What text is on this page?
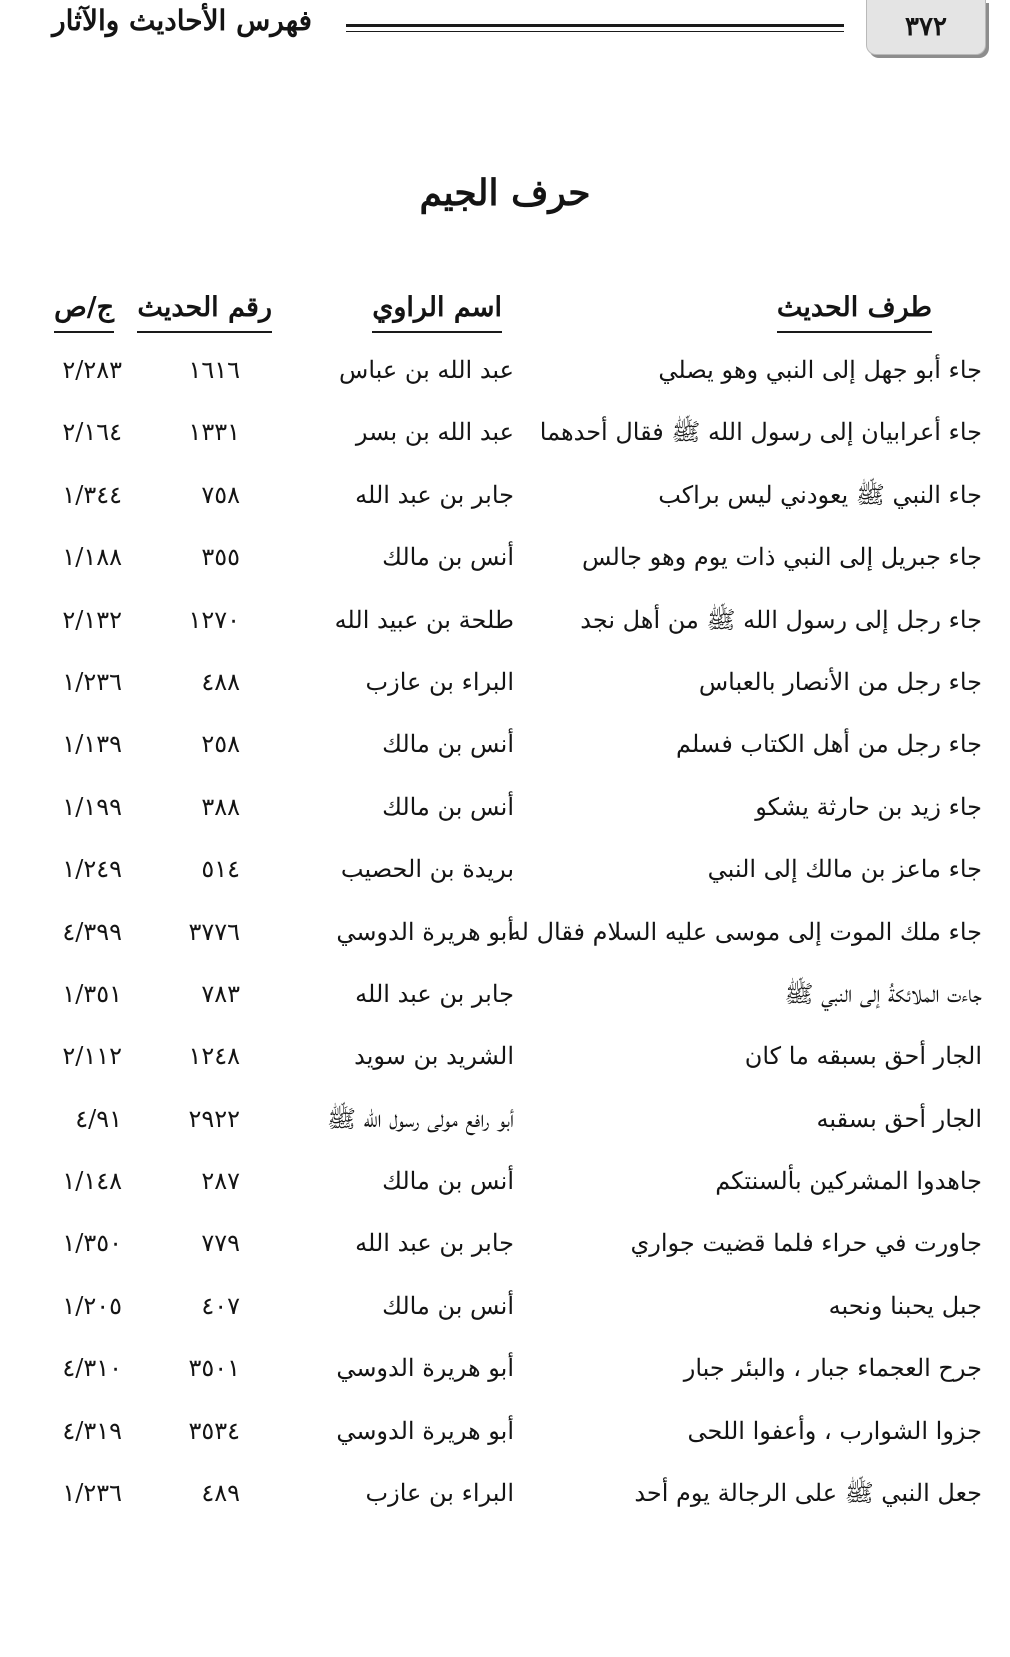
٣٧٢
فهرس الأحاديث والآثار
حرف الجيم
طرف الحديث
اسم الراوي
رقم الحديث
ج/ص
جاء أبو جهل إلى النبي وهو يصلي
عبد الله بن عباس
١٦١٦
٢/٢٨٣
جاء أعرابيان إلى رسول الله ﷺ فقال أحدهما
عبد الله بن بسر
١٣٣١
٢/١٦٤
جاء النبي ﷺ يعودني ليس براكب
جابر بن عبد الله
٧٥٨
١/٣٤٤
جاء جبريل إلى النبي ذات يوم وهو جالس
أنس بن مالك
٣٥٥
١/١٨٨
جاء رجل إلى رسول الله ﷺ من أهل نجد
طلحة بن عبيد الله
١٢٧٠
٢/١٣٢
جاء رجل من الأنصار بالعباس
البراء بن عازب
٤٨٨
١/٢٣٦
جاء رجل من أهل الكتاب فسلم
أنس بن مالك
٢٥٨
١/١٣٩
جاء زيد بن حارثة يشكو
أنس بن مالك
٣٨٨
١/١٩٩
جاء ماعز بن مالك إلى النبي
بريدة بن الحصيب
٥١٤
١/٢٤٩
جاء ملك الموت إلى موسى عليه السلام فقال له
أبو هريرة الدوسي
٣٧٧٦
٤/٣٩٩
جاءت الملائكةُ إلى النبي ﷺ
جابر بن عبد الله
٧٨٣
١/٣٥١
الجار أحق بسبقه ما كان
الشريد بن سويد
١٢٤٨
٢/١١٢
الجار أحق بسقبه
أبو رافع مولى رسول الله ﷺ
٢٩٢٢
٤/٩١
جاهدوا المشركين بألسنتكم
أنس بن مالك
٢٨٧
١/١٤٨
جاورت في حراء فلما قضيت جواري
جابر بن عبد الله
٧٧٩
١/٣٥٠
جبل يحبنا ونحبه
أنس بن مالك
٤٠٧
١/٢٠٥
جرح العجماء جبار ، والبئر جبار
أبو هريرة الدوسي
٣٥٠١
٤/٣١٠
جزوا الشوارب ، وأعفوا اللحى
أبو هريرة الدوسي
٣٥٣٤
٤/٣١٩
جعل النبي ﷺ على الرجالة يوم أحد
البراء بن عازب
٤٨٩
١/٢٣٦
